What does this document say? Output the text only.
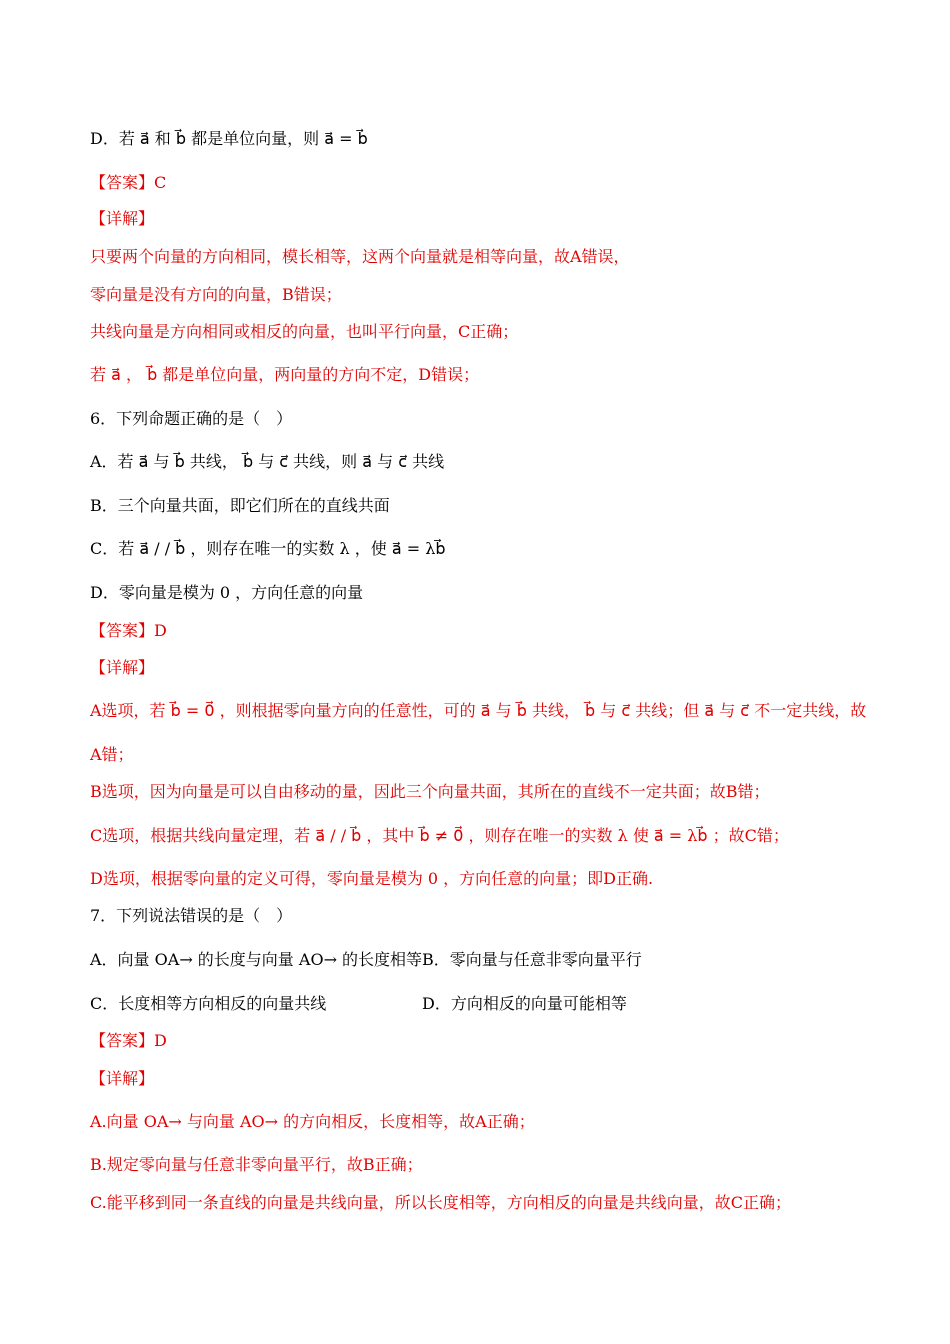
D．若 a⃗ 和 b⃗ 都是单位向量，则 a⃗ = b⃗
【答案】C
【详解】
只要两个向量的方向相同，模长相等，这两个向量就是相等向量，故A错误，
零向量是没有方向的向量，B错误；
共线向量是方向相同或相反的向量，也叫平行向量，C正确；
若 a⃗ ， b⃗ 都是单位向量，两向量的方向不定，D错误；
6．下列命题正确的是（　）
A．若 a⃗ 与 b⃗ 共线， b⃗ 与 c⃗ 共线，则 a⃗ 与 c⃗ 共线
B．三个向量共面，即它们所在的直线共面
C．若 a⃗ / / b⃗ ，则存在唯一的实数 λ ，使 a⃗ = λb⃗
D．零向量是模为 0 ，方向任意的向量
【答案】D
【详解】
A选项，若 b⃗ = 0⃗ ，则根据零向量方向的任意性，可的 a⃗ 与 b⃗ 共线， b⃗ 与 c⃗ 共线；但 a⃗ 与 c⃗ 不一定共线，故
A错；
B选项，因为向量是可以自由移动的量，因此三个向量共面，其所在的直线不一定共面；故B错；
C选项，根据共线向量定理，若 a⃗ / / b⃗ ，其中 b⃗ ≠ 0⃗ ，则存在唯一的实数 λ 使 a⃗ = λb⃗ ；故C错；
D选项，根据零向量的定义可得，零向量是模为 0 ，方向任意的向量；即D正确.
7．下列说法错误的是（　）
A．向量 OA→ 的长度与向量 AO→ 的长度相等 B．零向量与任意非零向量平行
C．长度相等方向相反的向量共线	D．方向相反的向量可能相等
【答案】D
【详解】
A.向量 OA→ 与向量 AO→ 的方向相反，长度相等，故A正确；
B.规定零向量与任意非零向量平行，故B正确；
C.能平移到同一条直线的向量是共线向量，所以长度相等，方向相反的向量是共线向量，故C正确；
